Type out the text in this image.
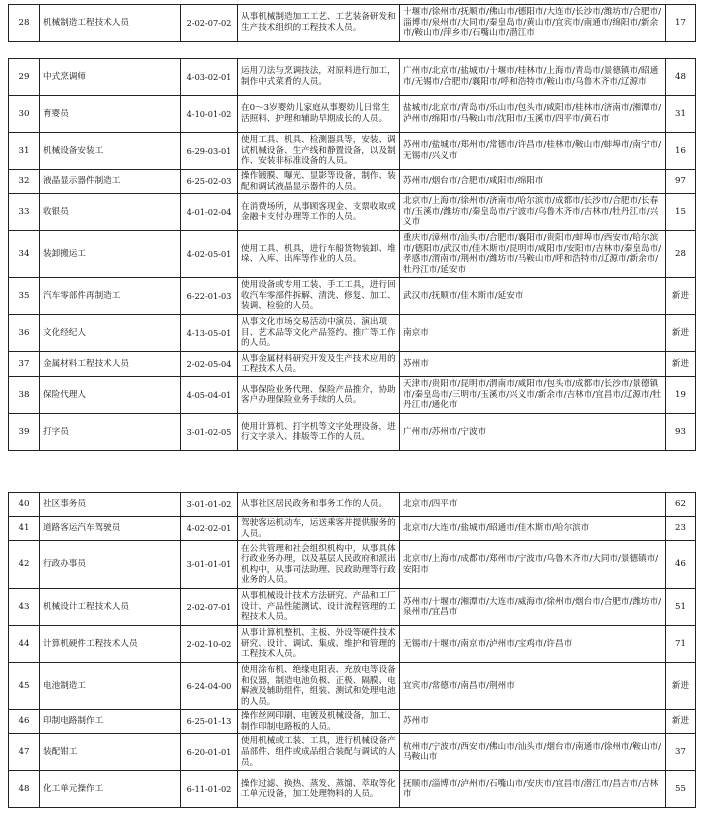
28	机械制造工程技术人员	2-02-07-02	从事机械制造加工工艺、工艺装备研发和生产技术组织的工程技术人员。	十堰市/徐州市/抚顺市/佛山市/德阳市/大连市/长沙市/潍坊市/合肥市/淄博市/泉州市/大同市/秦皇岛市/黄山市/宜宾市/南通市/绵阳市/新余市/鞍山市/萍乡市/石嘴山市/潜江市	17
29	中式烹调师	4-03-02-01	运用刀法与烹调技法，对原料进行加工，制作中式菜肴的人员。	广州市/北京市/盐城市/十堰市/桂林市/上海市/青岛市/景德镇市/昭通市/无锡市/合肥市/襄阳市/呼和浩特市/鞍山市/乌鲁木齐市/辽源市	48
30	育婴员	4-10-01-02	在0～3岁婴幼儿家庭从事婴幼儿日常生活照料、护理和辅助早期成长的人员。	盐城市/北京市/青岛市/乐山市/包头市/咸阳市/桂林市/济南市/湘潭市/泸州市/绵阳市/马鞍山市/沈阳市/玉溪市/四平市/黄石市	31
31	机械设备安装工	6-29-03-01	使用工具、机具、检测器具等，安装、调试机械设备、生产线和静置设备，以及制作、安装非标准设备的人员。	苏州市/盐城市/郑州市/常德市/许昌市/桂林市/鞍山市/蚌埠市/南宁市/无锡市/兴义市	16
32	液晶显示器件制造工	6-25-02-03	操作镀膜、曝光、显影等设备，制作、装配和调试液晶显示器件的人员。	苏州市/烟台市/合肥市/咸阳市/绵阳市	97
33	收银员	4-01-02-04	在消费场所，从事顾客现金、支票收取或金融卡支付办理等工作的人员。	北京市/上海市/徐州市/济南市/哈尔滨市/成都市/长沙市/合肥市/长春市/玉溪市/潍坊市/秦皇岛市/宁波市/乌鲁木齐市/吉林市/牡丹江市/兴义市	15
34	装卸搬运工	4-02-05-01	使用工具、机具，进行车船货物装卸、堆垛、入库、出库等作业的人员。	重庆市/漳州市/汕头市/合肥市/襄阳市/贵阳市/蚌埠市/西安市/哈尔滨市/德阳市/武汉市/佳木斯市/昆明市/咸阳市/安阳市/吉林市/秦皇岛市/孝感市/渭南市/荆州市/潍坊市/马鞍山市/呼和浩特市/辽源市/新余市/牡丹江市/延安市	28
35	汽车零部件再制造工	6-22-01-03	使用设备或专用工装、手工工具，进行回收汽车零部件拆解、清洗、修复、加工、装调、检验的人员。	武汉市/抚顺市/佳木斯市/延安市	新进
36	文化经纪人	4-13-05-01	从事文化市场交易活动中演员、演出项目、艺术品等文化产品签约、推广等工作的人员。	南京市	新进
37	金属材料工程技术人员	2-02-05-04	从事金属材料研究开发及生产技术应用的工程技术人员。	苏州市	新进
38	保险代理人	4-05-04-01	从事保险业务代理、保险产品推介，协助客户办理保险业务手续的人员。	天津市/贵阳市/昆明市/渭南市/咸阳市/包头市/成都市/长沙市/景德镇市/秦皇岛市/三明市/玉溪市/兴义市/新余市/吉林市/宜昌市/辽源市/牡丹江市/通化市	19
39	打字员	3-01-02-05	使用计算机、打字机等文字处理设备，进行文字录入、排版等工作的人员。	广州市/苏州市/宁波市	93
40	社区事务员	3-01-01-02	从事社区居民政务和事务工作的人员。	北京市/四平市	62
41	道路客运汽车驾驶员	4-02-02-01	驾驶客运机动车，运送乘客并提供服务的人员。	北京市/大连市/盐城市/昭通市/佳木斯市/哈尔滨市	23
42	行政办事员	3-01-01-01	在公共管理和社会组织机构中，从事具体行政业务办理，以及基层人民政府和派出机构中，从事司法助理、民政助理等行政业务的人员。	北京市/上海市/成都市/郑州市/宁波市/乌鲁木齐市/大同市/景德镇市/安阳市	46
43	机械设计工程技术人员	2-02-07-01	从事机械设计技术方法研究、产品和工厂设计、产品性能测试、设计流程管理的工程技术人员。	苏州市/十堰市/湘潭市/大连市/威海市/徐州市/烟台市/合肥市/潍坊市/泉州市/宜昌市	51
44	计算机硬件工程技术人员	2-02-10-02	从事计算机整机、主板、外设等硬件技术研究、设计、调试、集成、维护和管理的工程技术人员。	无锡市/十堰市/南京市/泸州市/宝鸡市/许昌市	71
45	电池制造工	6-24-04-00	使用涂布机、绝缘电阻表、充放电等设备和仪器，制造电池负极、正极、隔膜、电解液及辅助组件，组装、测试和处理电池的人员。	宜宾市/常德市/南昌市/荆州市	新进
46	印制电路制作工	6-25-01-13	操作丝网印刷、电镀及机械设备，加工、制作印制电路板的人员。	苏州市	新进
47	装配钳工	6-20-01-01	使用机械或工装、工具，进行机械设备产品部件、组件或成品组合装配与调试的人员。	杭州市/宁波市/西安市/佛山市/汕头市/烟台市/南通市/徐州市/鞍山市/马鞍山市	37
48	化工单元操作工	6-11-01-02	操作过滤、换热、蒸发、蒸馏、萃取等化工单元设备，加工处理物料的人员。	抚顺市/淄博市/泸州市/石嘴山市/安庆市/宜昌市/潜江市/昌吉市/吉林市	55
